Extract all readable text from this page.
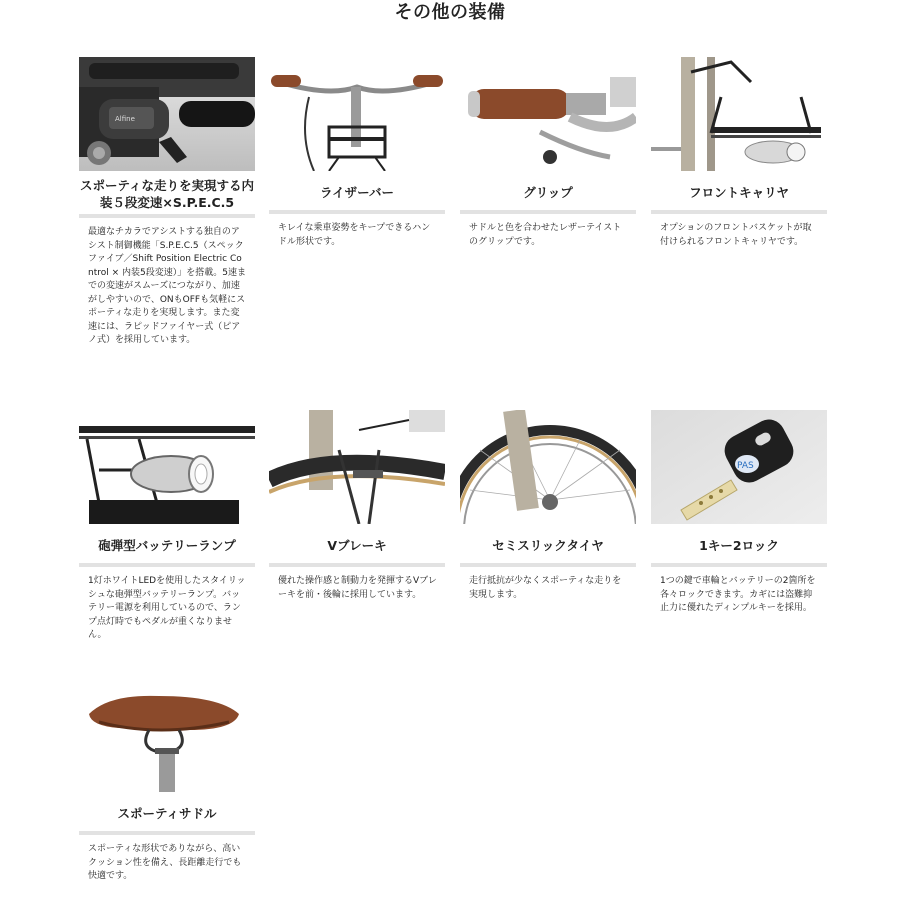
その他の装備
Alfine
スポーティな走りを実現する内装５段変速×S.P.E.C.5
最適なチカラでアシストする独自のアシスト制御機能「S.P.E.C.5（スペックファイブ／Shift Position Electric Control × 内装5段変速）」を搭載。5速までの変速がスムーズにつながり、加速がしやすいので、ONもOFFも気軽にスポーティな走りを実現します。また変速には、ラピッドファイヤー式（ピアノ式）を採用しています。
ライザーバー
キレイな乗車姿勢をキープできるハンドル形状です。
グリップ
サドルと色を合わせたレザーテイストのグリップです。
フロントキャリヤ
オプションのフロントバスケットが取付けられるフロントキャリヤです。
砲弾型バッテリーランプ
1灯ホワイトLEDを使用したスタイリッシュな砲弾型バッテリーランプ。バッテリー電源を利用しているので、ランプ点灯時でもペダルが重くなりません。
Vブレーキ
優れた操作感と制動力を発揮するVブレーキを前・後輪に採用しています。
セミスリックタイヤ
走行抵抗が少なくスポーティな走りを実現します。
PAS
1キー2ロック
1つの鍵で車輪とバッテリーの2箇所を各々ロックできます。カギには盗難抑止力に優れたディンプルキーを採用。
スポーティサドル
スポーティな形状でありながら、高いクッション性を備え、長距離走行でも快適です。
